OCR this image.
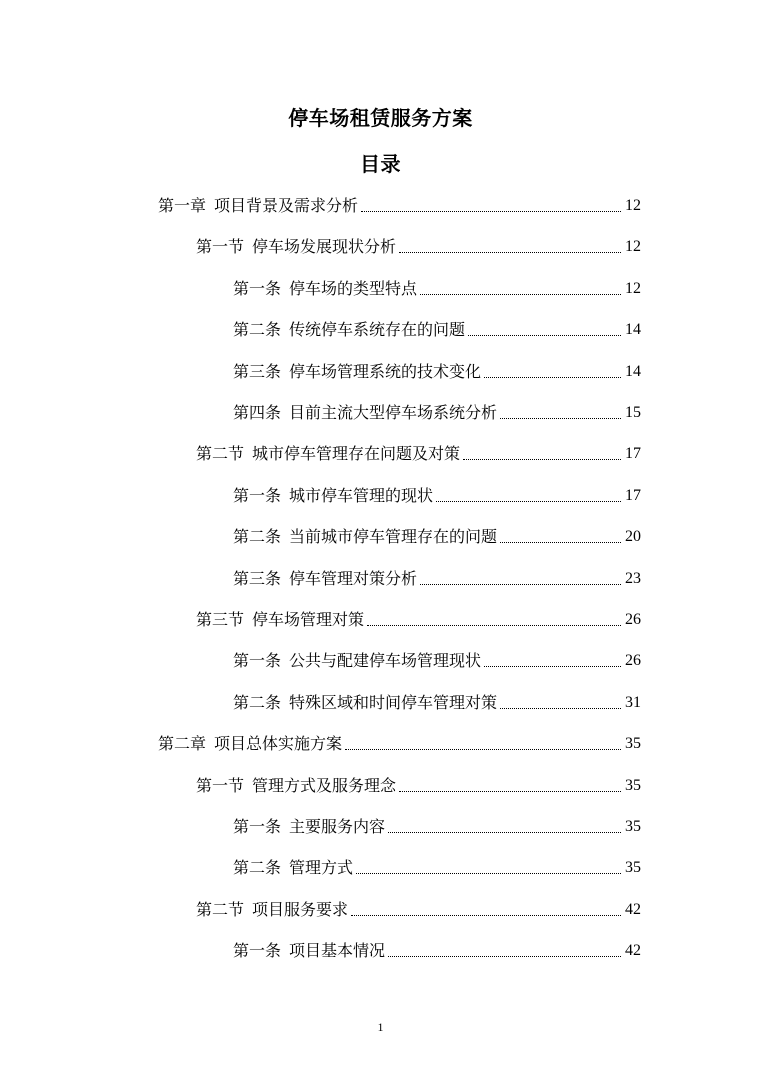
停车场租赁服务方案
目录
第一章 项目背景及需求分析	12
第一节 停车场发展现状分析	12
第一条 停车场的类型特点	12
第二条 传统停车系统存在的问题	14
第三条 停车场管理系统的技术变化	14
第四条 目前主流大型停车场系统分析	15
第二节 城市停车管理存在问题及对策	17
第一条 城市停车管理的现状	17
第二条 当前城市停车管理存在的问题	20
第三条 停车管理对策分析	23
第三节 停车场管理对策	26
第一条 公共与配建停车场管理现状	26
第二条 特殊区域和时间停车管理对策	31
第二章 项目总体实施方案	35
第一节 管理方式及服务理念	35
第一条 主要服务内容	35
第二条 管理方式	35
第二节 项目服务要求	42
第一条 项目基本情况	42
1
